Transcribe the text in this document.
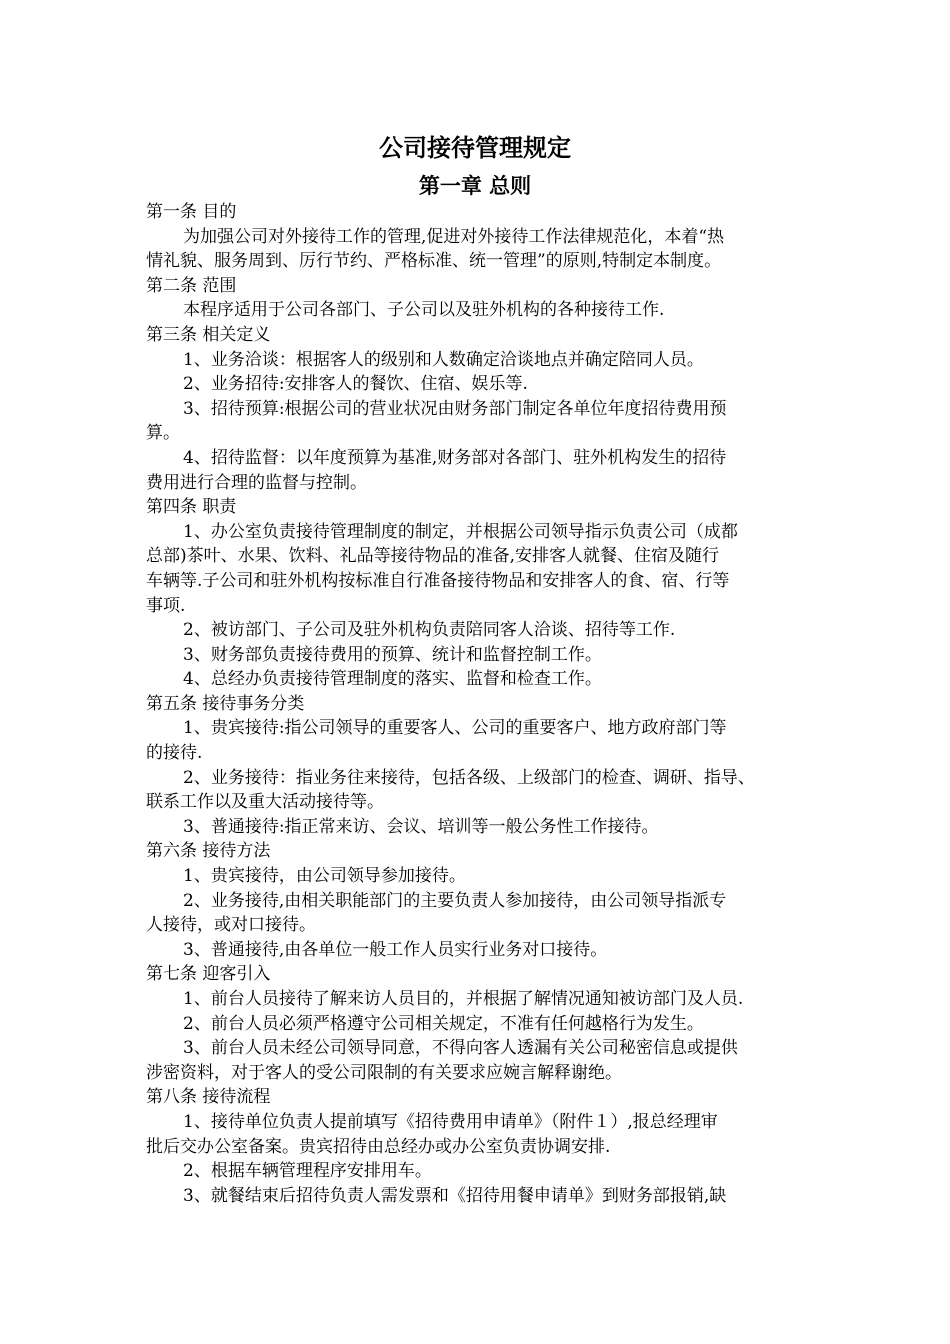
公司接待管理规定
第一章 总则
第一条 目的
为加强公司对外接待工作的管理,促进对外接待工作法律规范化，本着“热
情礼貌、服务周到、厉行节约、严格标准、统一管理”的原则,特制定本制度。
第二条 范围
本程序适用于公司各部门、子公司以及驻外机构的各种接待工作.
第三条 相关定义
1、业务洽谈：根据客人的级别和人数确定洽谈地点并确定陪同人员。
2、业务招待:安排客人的餐饮、住宿、娱乐等.
3、招待预算:根据公司的营业状况由财务部门制定各单位年度招待费用预
算。
4、招待监督：以年度预算为基准,财务部对各部门、驻外机构发生的招待
费用进行合理的监督与控制。
第四条 职责
1、办公室负责接待管理制度的制定，并根据公司领导指示负责公司（成都
总部)茶叶、水果、饮料、礼品等接待物品的准备,安排客人就餐、住宿及随行
车辆等.子公司和驻外机构按标准自行准备接待物品和安排客人的食、宿、行等
事项.
2、被访部门、子公司及驻外机构负责陪同客人洽谈、招待等工作.
3、财务部负责接待费用的预算、统计和监督控制工作。
4、总经办负责接待管理制度的落实、监督和检查工作。
第五条 接待事务分类
1、贵宾接待:指公司领导的重要客人、公司的重要客户、地方政府部门等
的接待.
2、业务接待：指业务往来接待，包括各级、上级部门的检查、调研、指导、
联系工作以及重大活动接待等。
3、普通接待:指正常来访、会议、培训等一般公务性工作接待。
第六条 接待方法
1、贵宾接待，由公司领导参加接待。
2、业务接待,由相关职能部门的主要负责人参加接待，由公司领导指派专
人接待，或对口接待。
3、普通接待,由各单位一般工作人员实行业务对口接待。
第七条 迎客引入
1、前台人员接待了解来访人员目的，并根据了解情况通知被访部门及人员.
2、前台人员必须严格遵守公司相关规定，不准有任何越格行为发生。
3、前台人员未经公司领导同意，不得向客人透漏有关公司秘密信息或提供
涉密资料，对于客人的受公司限制的有关要求应婉言解释谢绝。
第八条 接待流程
1、接待单位负责人提前填写《招待费用申请单》（附件１）,报总经理审
批后交办公室备案。贵宾招待由总经办或办公室负责协调安排.
2、根据车辆管理程序安排用车。
3、就餐结束后招待负责人需发票和《招待用餐申请单》到财务部报销,缺
